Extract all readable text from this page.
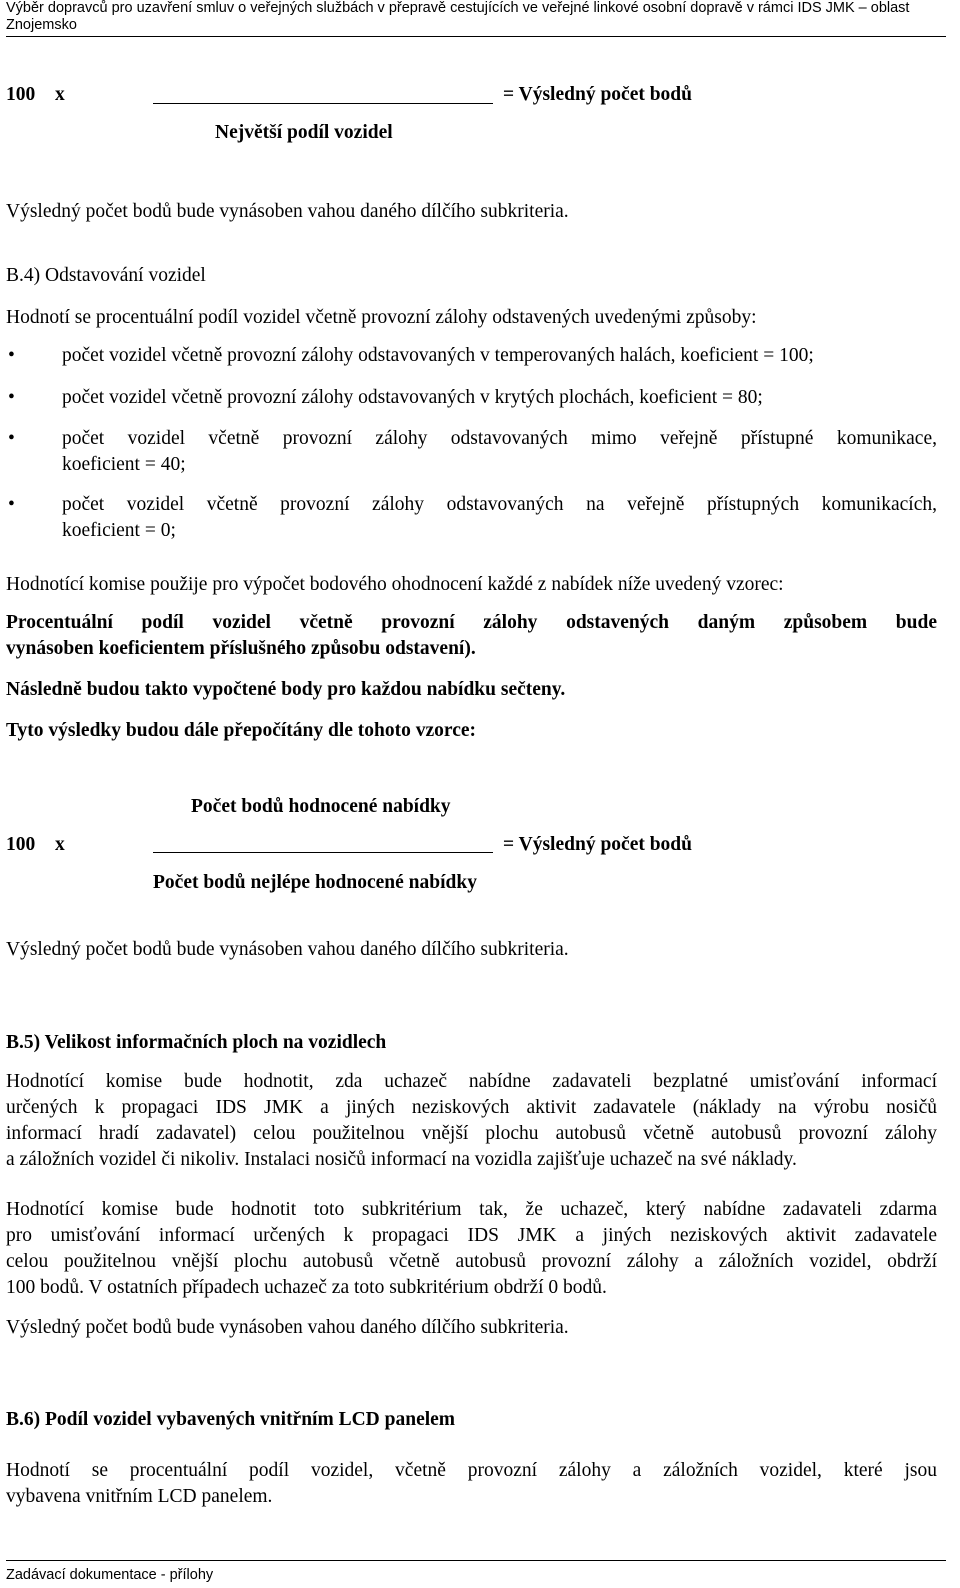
Výběr dopravců pro uzavření smluv o veřejných službách v přepravě cestujících ve veřejné linkové osobní dopravě v rámci IDS JMK – oblast Znojemsko
100 x	= Výsledný počet bodů
Největší podíl vozidel
Výsledný počet bodů bude vynásoben vahou daného dílčího subkriteria.
B.4) Odstavování vozidel
Hodnotí se procentuální podíl vozidel včetně provozní zálohy odstavených uvedenými způsoby:
• počet vozidel včetně provozní zálohy odstavovaných v temperovaných halách, koeficient = 100;
• počet vozidel včetně provozní zálohy odstavovaných v krytých plochách, koeficient = 80;
• počet vozidel včetně provozní zálohy odstavovaných mimo veřejně přístupné komunikace,
koeficient = 40;
• počet vozidel včetně provozní zálohy odstavovaných na veřejně přístupných komunikacích,
koeficient = 0;
Hodnotící komise použije pro výpočet bodového ohodnocení každé z nabídek níže uvedený vzorec:
Procentuální podíl vozidel včetně provozní zálohy odstavených daným způsobem bude
vynásoben koeficientem příslušného způsobu odstavení).
Následně budou takto vypočtené body pro každou nabídku sečteny.
Tyto výsledky budou dále přepočítány dle tohoto vzorce:
Počet bodů hodnocené nabídky
100 x	= Výsledný počet bodů
Počet bodů nejlépe hodnocené nabídky
Výsledný počet bodů bude vynásoben vahou daného dílčího subkriteria.
B.5) Velikost informačních ploch na vozidlech
Hodnotící komise bude hodnotit, zda uchazeč nabídne zadavateli bezplatné umisťování informací
určených k propagaci IDS JMK a jiných neziskových aktivit zadavatele (náklady na výrobu nosičů
informací hradí zadavatel) celou použitelnou vnější plochu autobusů včetně autobusů provozní zálohy
a záložních vozidel či nikoliv. Instalaci nosičů informací na vozidla zajišťuje uchazeč na své náklady.
Hodnotící komise bude hodnotit toto subkritérium tak, že uchazeč, který nabídne zadavateli zdarma
pro umisťování informací určených k propagaci IDS JMK a jiných neziskových aktivit zadavatele
celou použitelnou vnější plochu autobusů včetně autobusů provozní zálohy a záložních vozidel, obdrží
100 bodů. V ostatních případech uchazeč za toto subkritérium obdrží 0 bodů.
Výsledný počet bodů bude vynásoben vahou daného dílčího subkriteria.
B.6) Podíl vozidel vybavených vnitřním LCD panelem
Hodnotí se procentuální podíl vozidel, včetně provozní zálohy a záložních vozidel, které jsou
vybavena vnitřním LCD panelem.
Zadávací dokumentace - přílohy
